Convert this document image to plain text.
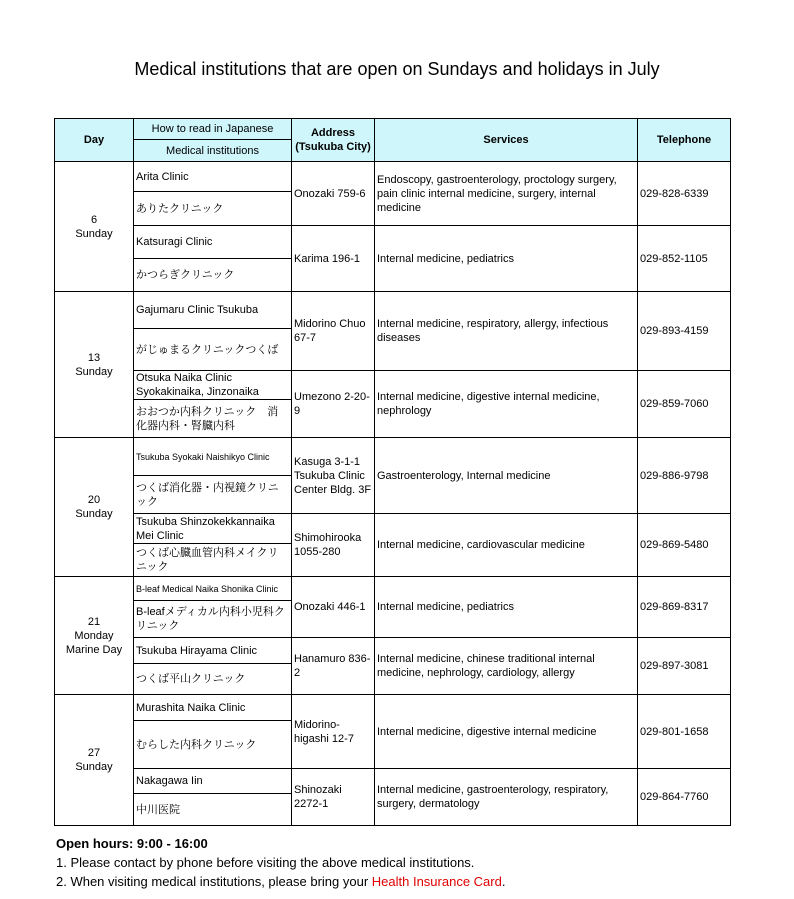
Medical institutions that are open on Sundays and holidays in July
Day	How to read in Japanese	Address (Tsukuba City)	Services	Telephone
	Medical institutions			
6
Sunday	Arita Clinic	Onozaki 759-6	Endoscopy, gastroenterology, proctology surgery, pain clinic internal medicine, surgery, internal medicine	029-828-6339
	ありたクリニック			
	Katsuragi Clinic	Karima 196-1	Internal medicine, pediatrics	029-852-1105
	かつらぎクリニック			
13
Sunday	Gajumaru Clinic Tsukuba	Midorino Chuo 67-7	Internal medicine, respiratory, allergy, infectious diseases	029-893-4159
	がじゅまるクリニックつくば			
	Otsuka Naika Clinic Syokakinaika, Jinzonaika	Umezono 2-20-9	Internal medicine, digestive internal medicine, nephrology	029-859-7060
	おおつか内科クリニック　消化器内科・腎臓内科			
20
Sunday	Tsukuba Syokaki Naishikyo Clinic	Kasuga 3-1-1 Tsukuba Clinic Center Bldg. 3F	Gastroenterology, Internal medicine	029-886-9798
	つくば消化器・内視鏡クリニック			
	Tsukuba Shinzokekkannaika Mei Clinic	Shimohirooka 1055-280	Internal medicine, cardiovascular medicine	029-869-5480
	つくば心臓血管内科メイクリニック			
21
Monday
Marine Day	B-leaf Medical Naika Shonika Clinic	Onozaki 446-1	Internal medicine, pediatrics	029-869-8317
	B-leafメディカル内科小児科クリニック			
	Tsukuba Hirayama Clinic	Hanamuro 836-2	Internal medicine, chinese traditional internal medicine, nephrology, cardiology, allergy	029-897-3081
	つくば平山クリニック			
27
Sunday	Murashita Naika Clinic	Midorino-higashi 12-7	Internal medicine, digestive internal medicine	029-801-1658
	むらした内科クリニック			
	Nakagawa Iin	Shinozaki 2272-1	Internal medicine, gastroenterology, respiratory, surgery, dermatology	029-864-7760
	中川医院			
Open hours: 9:00 - 16:00
1. Please contact by phone before visiting the above medical institutions.
2. When visiting medical institutions, please bring your Health Insurance Card.
